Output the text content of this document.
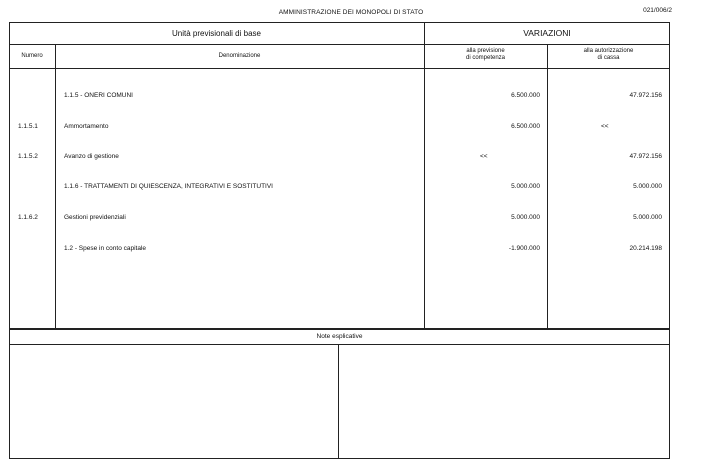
AMMINISTRAZIONE DEI MONOPOLI DI STATO	021/006/2
Unità previsionali di base	VARIAZIONI
Numero	Denominazione
alla previsione
di competenza
alla autorizzazione
di cassa
1.1.5 - ONERI COMUNI	6.500.000	47.972.156
1.1.5.1	Ammortamento	6.500.000	<<
1.1.5.2	Avanzo di gestione	<<	47.972.156
1.1.6 - TRATTAMENTI DI QUIESCENZA, INTEGRATIVI E SOSTITUTIVI	5.000.000	5.000.000
1.1.6.2	Gestioni previdenziali	5.000.000	5.000.000
1.2 - Spese in conto capitale	-1.900.000	20.214.198
Note esplicative
